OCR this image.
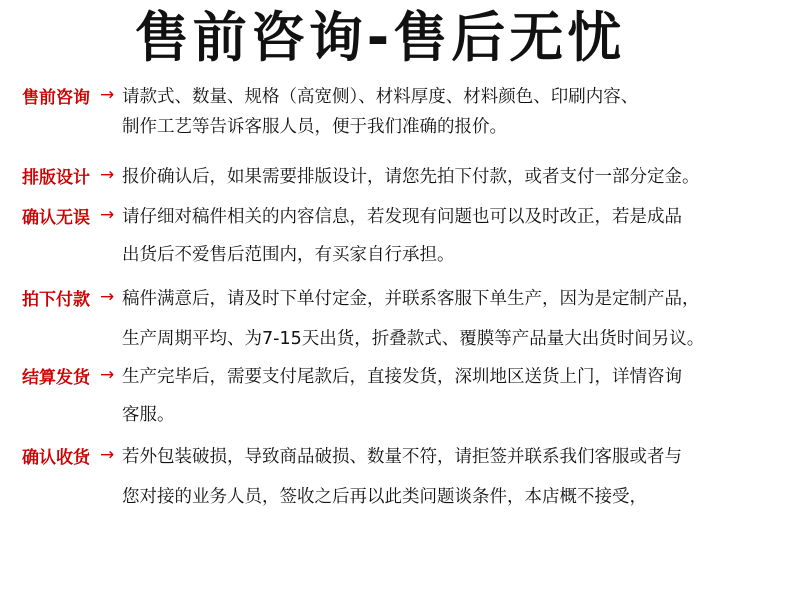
售前咨询-售后无忧
售前咨询 → 请款式、数量、规格（高宽侧）、材料厚度、材料颜色、印刷内容、
制作工艺等告诉客服人员，便于我们准确的报价。
排版设计 → 报价确认后，如果需要排版设计，请您先拍下付款，或者支付一部分定金。
确认无误 → 请仔细对稿件相关的内容信息，若发现有问题也可以及时改正，若是成品
出货后不爱售后范围内，有买家自行承担。
拍下付款 → 稿件满意后，请及时下单付定金，并联系客服下单生产，因为是定制产品，
生产周期平均、为7-15天出货，折叠款式、覆膜等产品量大出货时间另议。
结算发货 → 生产完毕后，需要支付尾款后，直接发货，深圳地区送货上门，详情咨询
客服。
确认收货 → 若外包装破损，导致商品破损、数量不符，请拒签并联系我们客服或者与
您对接的业务人员，签收之后再以此类问题谈条件，本店概不接受，
